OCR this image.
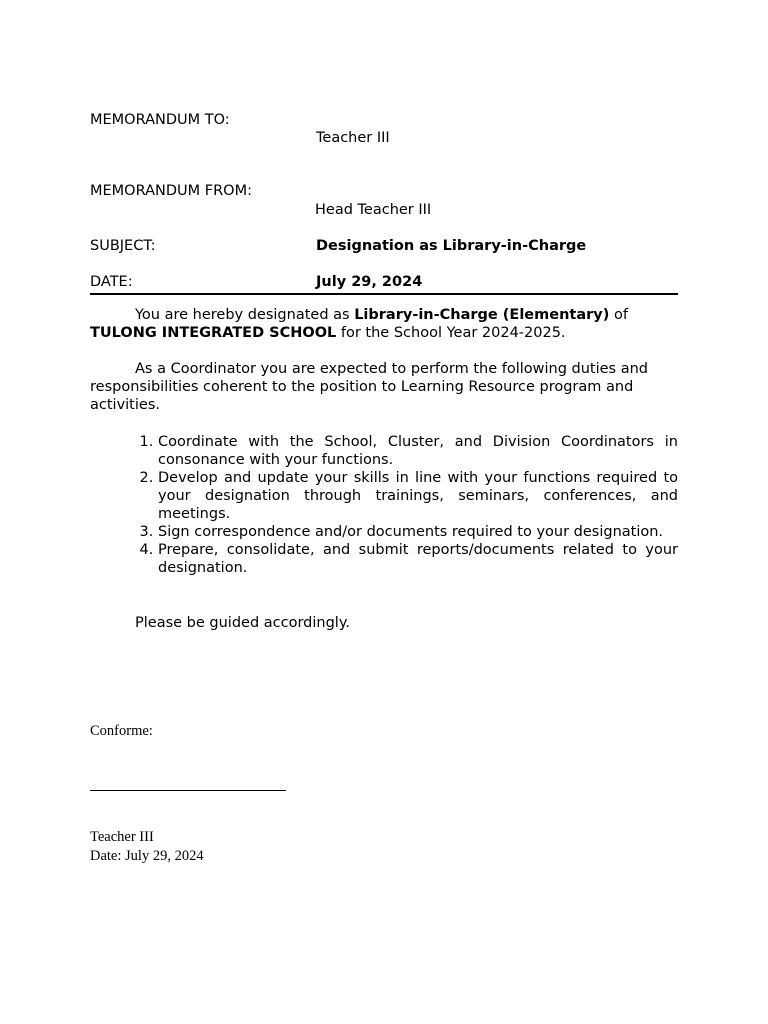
MEMORANDUM TO:
Teacher III
MEMORANDUM FROM:
Head Teacher III
SUBJECT:	Designation as Library-in-Charge
DATE:	July 29, 2024
You are hereby designated as Library-in-Charge (Elementary) of TULONG INTEGRATED SCHOOL for the School Year 2024-2025.
As a Coordinator you are expected to perform the following duties and responsibilities coherent to the position to Learning Resource program and activities.
1. Coordinate with the School, Cluster, and Division Coordinators in consonance with your functions.
2. Develop and update your skills in line with your functions required to your designation through trainings, seminars, conferences, and meetings.
3. Sign correspondence and/or documents required to your designation.
4. Prepare, consolidate, and submit reports/documents related to your designation.
Please be guided accordingly.
Conforme:
Teacher III
Date: July 29, 2024
